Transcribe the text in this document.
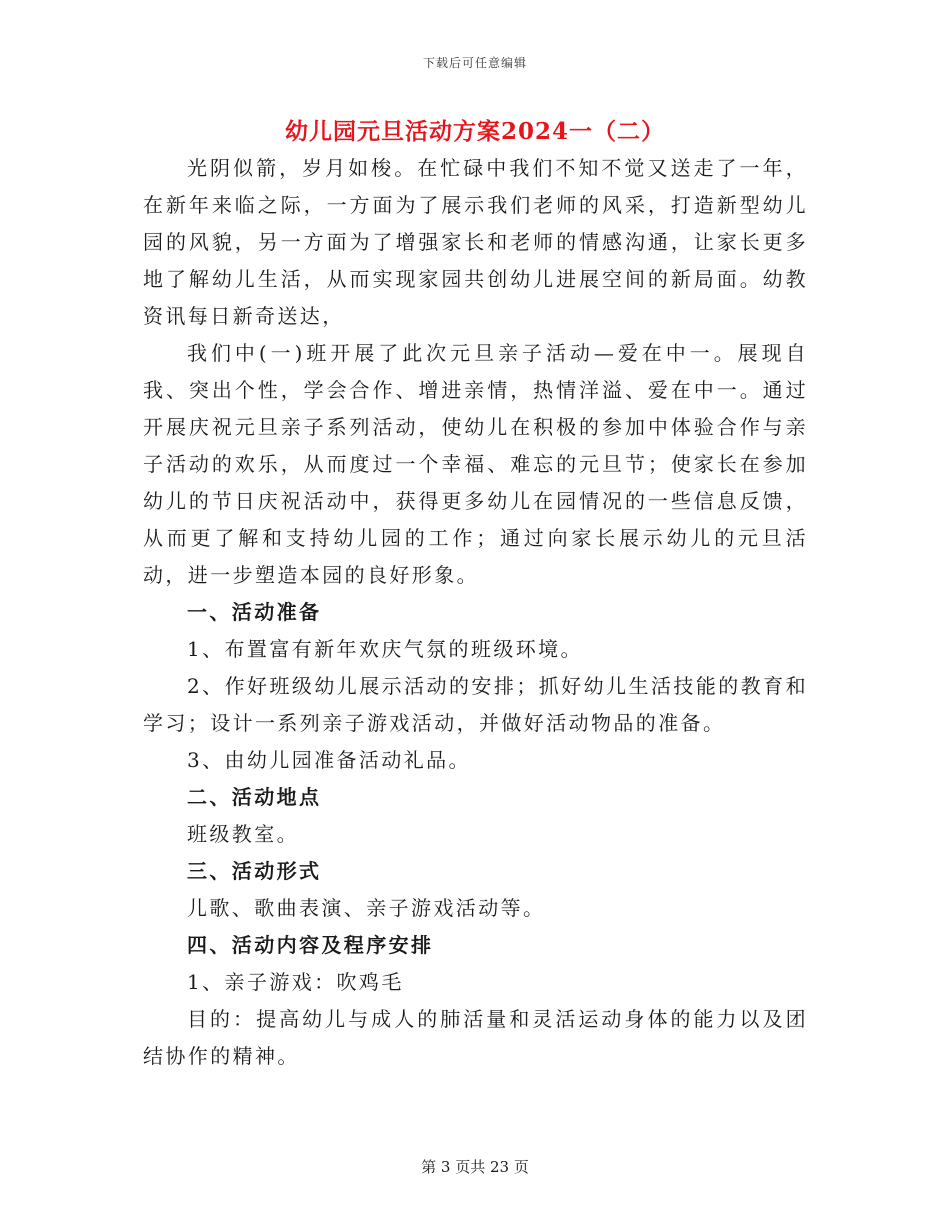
下载后可任意编辑
幼儿园元旦活动方案2024一（二）

光阴似箭，岁月如梭。在忙碌中我们不知不觉又送走了一年，在新年来临之际，一方面为了展示我们老师的风采，打造新型幼儿园的风貌，另一方面为了增强家长和老师的情感沟通，让家长更多地了解幼儿生活，从而实现家园共创幼儿进展空间的新局面。幼教资讯每日新奇送达，

我们中(一)班开展了此次元旦亲子活动—爱在中一。展现自我、突出个性，学会合作、增进亲情，热情洋溢、爱在中一。通过开展庆祝元旦亲子系列活动，使幼儿在积极的参加中体验合作与亲子活动的欢乐，从而度过一个幸福、难忘的元旦节；使家长在参加幼儿的节日庆祝活动中，获得更多幼儿在园情况的一些信息反馈，从而更了解和支持幼儿园的工作；通过向家长展示幼儿的元旦活动，进一步塑造本园的良好形象。

一、活动准备

1、布置富有新年欢庆气氛的班级环境。

2、作好班级幼儿展示活动的安排；抓好幼儿生活技能的教育和学习；设计一系列亲子游戏活动，并做好活动物品的准备。

3、由幼儿园准备活动礼品。

二、活动地点

班级教室。

三、活动形式

儿歌、歌曲表演、亲子游戏活动等。

四、活动内容及程序安排

1、亲子游戏：吹鸡毛

目的：提高幼儿与成人的肺活量和灵活运动身体的能力以及团结协作的精神。

第 3 页共 23 页
